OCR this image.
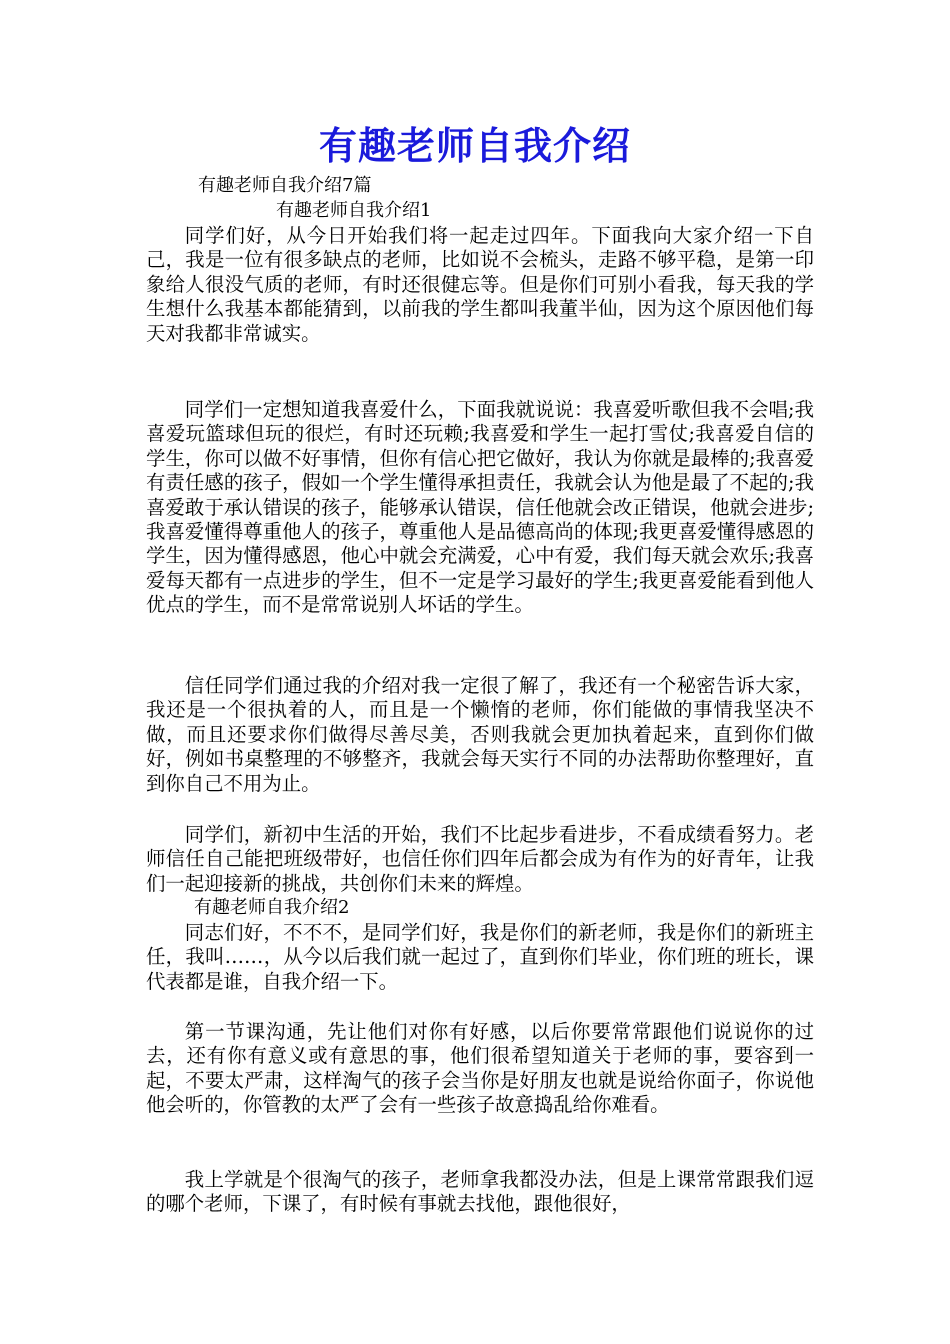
有趣老师自我介绍
有趣老师自我介绍7篇
有趣老师自我介绍1

同学们好，从今日开始我们将一起走过四年。下面我向大家介绍一下自己，我是一位有很多缺点的老师，比如说不会梳头，走路不够平稳，是第一印象给人很没气质的老师，有时还很健忘等。但是你们可别小看我，每天我的学生想什么我基本都能猜到，以前我的学生都叫我董半仙，因为这个原因他们每天对我都非常诚实。

同学们一定想知道我喜爱什么，下面我就说说：我喜爱听歌但我不会唱;我喜爱玩篮球但玩的很烂，有时还玩赖;我喜爱和学生一起打雪仗;我喜爱自信的学生，你可以做不好事情，但你有信心把它做好，我认为你就是最棒的;我喜爱有责任感的孩子，假如一个学生懂得承担责任，我就会认为他是最了不起的;我喜爱敢于承认错误的孩子，能够承认错误，信任他就会改正错误，他就会进步;我喜爱懂得尊重他人的孩子，尊重他人是品德高尚的体现;我更喜爱懂得感恩的学生，因为懂得感恩，他心中就会充满爱，心中有爱，我们每天就会欢乐;我喜爱每天都有一点进步的学生，但不一定是学习最好的学生;我更喜爱能看到他人优点的学生，而不是常常说别人坏话的学生。

信任同学们通过我的介绍对我一定很了解了，我还有一个秘密告诉大家，我还是一个很执着的人，而且是一个懒惰的老师，你们能做的事情我坚决不做，而且还要求你们做得尽善尽美，否则我就会更加执着起来，直到你们做好，例如书桌整理的不够整齐，我就会每天实行不同的办法帮助你整理好，直到你自己不用为止。

同学们，新初中生活的开始，我们不比起步看进步，不看成绩看努力。老师信任自己能把班级带好，也信任你们四年后都会成为有作为的好青年，让我们一起迎接新的挑战，共创你们未来的辉煌。

有趣老师自我介绍2

同志们好，不不不，是同学们好，我是你们的新老师，我是你们的新班主任，我叫……，从今以后我们就一起过了，直到你们毕业，你们班的班长，课代表都是谁，自我介绍一下。

第一节课沟通，先让他们对你有好感，以后你要常常跟他们说说你的过去，还有你有意义或有意思的事，他们很希望知道关于老师的事，要容到一起，不要太严肃，这样淘气的孩子会当你是好朋友也就是说给你面子，你说他他会听的，你管教的太严了会有一些孩子故意捣乱给你难看。

我上学就是个很淘气的孩子，老师拿我都没办法，但是上课常常跟我们逗的哪个老师，下课了，有时候有事就去找他，跟他很好，
